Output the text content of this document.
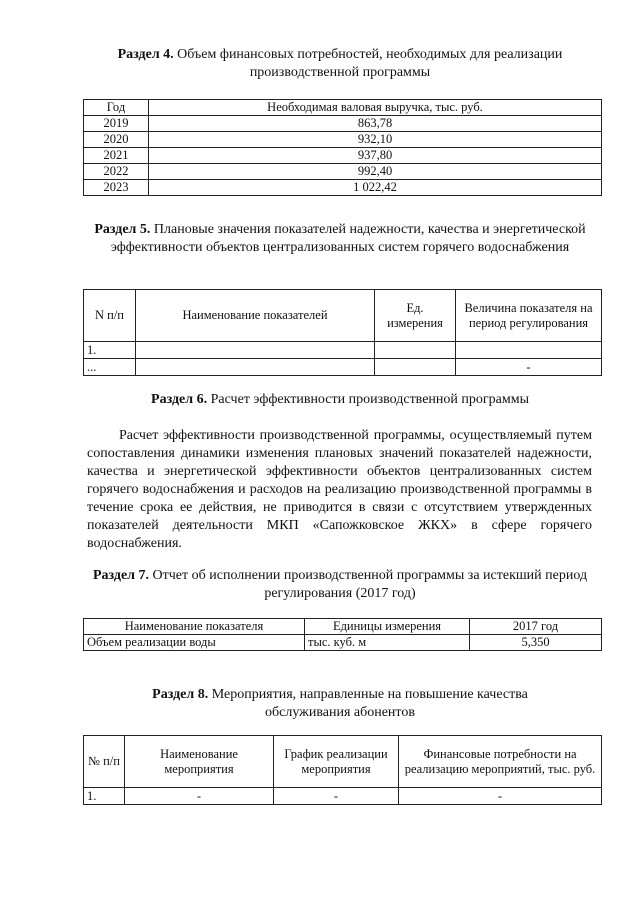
Раздел 4. Объем финансовых потребностей, необходимых для реализации производственной программы
Год	Необходимая валовая выручка, тыс. руб.
2019	863,78
2020	932,10
2021	937,80
2022	992,40
2023	1 022,42
Раздел 5. Плановые значения показателей надежности, качества и энергетической эффективности объектов централизованных систем горячего водоснабжения
N п/п	Наименование показателей	Ед. измерения	Величина показателя на период регулирования
1.			
...			-
Раздел 6. Расчет эффективности производственной программы
Расчет эффективности производственной программы, осуществляемый путем сопоставления динамики изменения плановых значений показателей надежности, качества и энергетической эффективности объектов централизованных систем горячего водоснабжения и расходов на реализацию производственной программы в течение срока ее действия, не приводится в связи с отсутствием утвержденных показателей деятельности МКП «Сапожковское ЖКХ» в сфере горячего водоснабжения.
Раздел 7. Отчет об исполнении производственной программы за истекший период регулирования (2017 год)
Наименование показателя	Единицы измерения	2017 год
Объем реализации воды	тыс. куб. м	5,350
Раздел 8. Мероприятия, направленные на повышение качества обслуживания абонентов
№ п/п	Наименование мероприятия	График реализации мероприятия	Финансовые потребности на реализацию мероприятий, тыс. руб.
1.	-	-	-
